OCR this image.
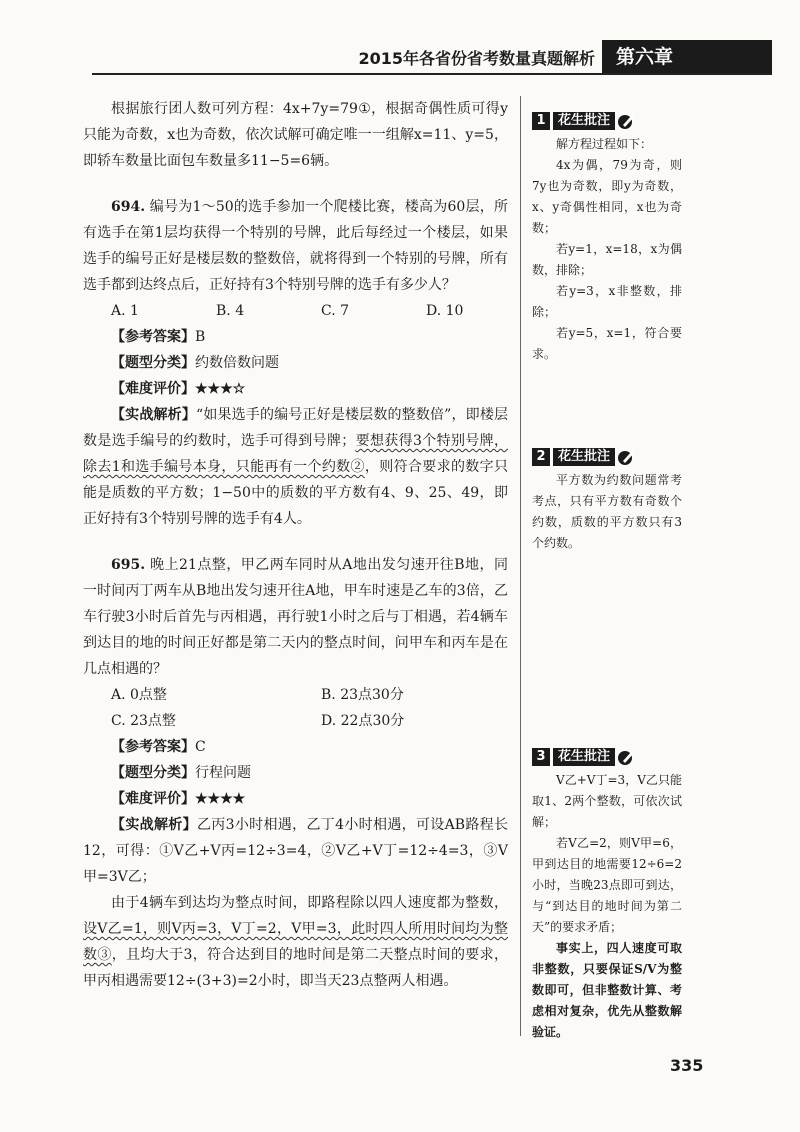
2015年各省份省考数量真题解析	第六章

根据旅行团人数可列方程：4x+7y=79①，根据奇偶性质可得y只能为奇数，x也为奇数，依次试解可确定唯一一组解x=11、y=5，即轿车数量比面包车数量多11−5=6辆。

694. 编号为1～50的选手参加一个爬楼比赛，楼高为60层，所有选手在第1层均获得一个特别的号牌，此后每经过一个楼层，如果选手的编号正好是楼层数的整数倍，就将得到一个特别的号牌，所有选手都到达终点后，正好持有3个特别号牌的选手有多少人？

A. 1	B. 4	C. 7	D. 10
【参考答案】B
【题型分类】约数倍数问题
【难度评价】★★★☆

【实战解析】“如果选手的编号正好是楼层数的整数倍”，即楼层数是选手编号的约数时，选手可得到号牌；要想获得3个特别号牌，除去1和选手编号本身，只能再有一个约数②，则符合要求的数字只能是质数的平方数；1−50中的质数的平方数有4、9、25、49，即正好持有3个特别号牌的选手有4人。

695. 晚上21点整，甲乙两车同时从A地出发匀速开往B地，同一时间丙丁两车从B地出发匀速开往A地，甲车时速是乙车的3倍，乙车行驶3小时后首先与丙相遇，再行驶1小时之后与丁相遇，若4辆车到达目的地的时间正好都是第二天内的整点时间，问甲车和丙车是在几点相遇的？

A. 0点整	B. 23点30分
C. 23点整	D. 22点30分
【参考答案】C
【题型分类】行程问题
【难度评价】★★★★

【实战解析】乙丙3小时相遇，乙丁4小时相遇，可设AB路程长12，可得：①V乙+V丙=12÷3=4，②V乙+V丁=12÷4=3，③V甲=3V乙；

由于4辆车到达均为整点时间，即路程除以四人速度都为整数，设V乙=1，则V丙=3，V丁=2，V甲=3，此时四人所用时间均为整数③，且均大于3，符合达到目的地时间是第二天整点时间的要求，甲丙相遇需要12÷(3+3)=2小时，即当天23点整两人相遇。

1 花生批注

解方程过程如下：

4x为偶，79为奇，则7y也为奇数，即y为奇数，x、y奇偶性相同，x也为奇数；

若y=1，x=18，x为偶数，排除；

若y=3，x非整数，排除；

若y=5，x=1，符合要求。

2 花生批注

平方数为约数问题常考考点，只有平方数有奇数个约数，质数的平方数只有3个约数。

3 花生批注

V乙+V丁=3，V乙只能取1、2两个整数，可依次试解；

若V乙=2，则V甲=6，甲到达目的地需要12÷6=2小时，当晚23点即可到达，与“到达目的地时间为第二天”的要求矛盾；

事实上，四人速度可取非整数，只要保证S/V为整数即可，但非整数计算、考虑相对复杂，优先从整数解验证。

335
